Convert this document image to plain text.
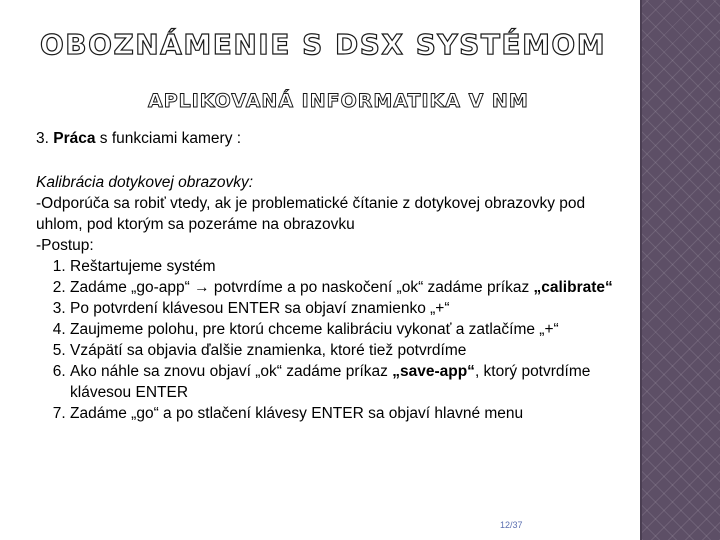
OBOZNÁMENIE S DSX SYSTÉMOM
APLIKOVANÁ INFORMATIKA V NM
3. Práca s funkciami kamery :

Kalibrácia dotykovej obrazovky:

-Odporúča sa robiť vtedy, ak je problematické čítanie z dotykovej obrazovky pod uhlom, pod ktorým sa pozeráme na obrazovku

-Postup:

1. Reštartujeme systém
2. Zadáme „go-app“ → potvrdíme a po naskočení „ok“ zadáme príkaz „calibrate“
3. Po potvrdení klávesou ENTER sa objaví znamienko „+“
4. Zaujmeme polohu, pre ktorú chceme kalibráciu vykonať a zatlačíme „+“
5. Vzápätí sa objavia ďalšie znamienka, ktoré tiež potvrdíme
6. Ako náhle sa znovu objaví „ok“ zadáme príkaz „save-app“, ktorý potvrdíme klávesou ENTER
7. Zadáme „go“ a po stlačení klávesy ENTER sa objaví hlavné menu
12/37
